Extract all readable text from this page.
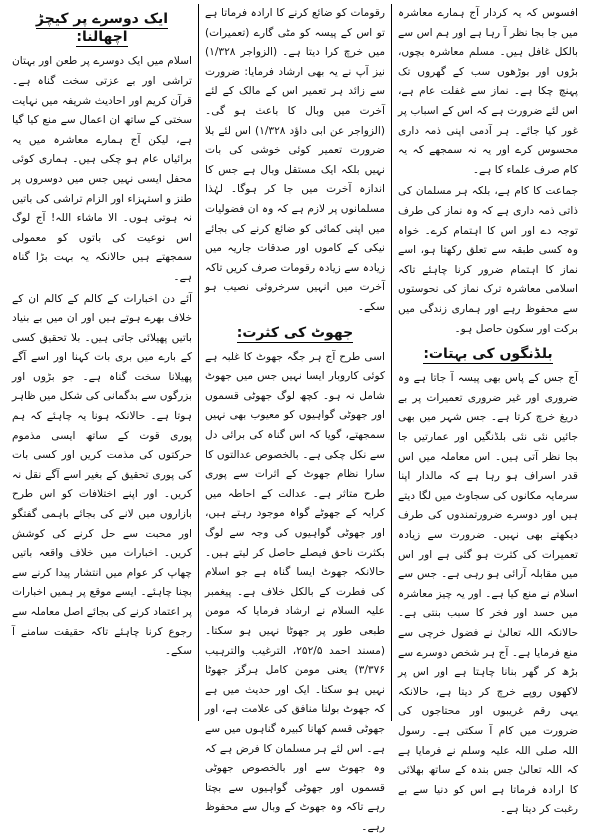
افسوس کہ یہ کردار آج ہمارے معاشرہ میں جا بجا نظر آ رہا ہے اور ہم اس سے بالکل غافل ہیں۔ مسلم معاشرہ بچوں، بڑوں اور بوڑھوں سب کے گھروں تک پہنچ چکا ہے۔ نماز سے غفلت عام ہے، اس لئے ضرورت ہے کہ اس کے اسباب پر غور کیا جائے۔ ہر آدمی اپنی ذمہ داری محسوس کرے اور یہ نہ سمجھے کہ یہ کام صرف علماء کا ہے۔

جماعت کا کام ہے، بلکہ ہر مسلمان کی ذاتی ذمہ داری ہے کہ وہ نماز کی طرف توجہ دے اور اس کا اہتمام کرے۔ خواہ وہ کسی طبقہ سے تعلق رکھتا ہو، اسے نماز کا اہتمام ضرور کرنا چاہئے تاکہ اسلامی معاشرہ ترک نماز کی نحوستوں سے محفوظ رہے اور ہماری زندگی میں برکت اور سکون حاصل ہو۔

بلڈنگوں کی بہتات:

آج جس کے پاس بھی پیسہ آ جاتا ہے وہ ضروری اور غیر ضروری تعمیرات پر بے دریغ خرچ کرتا ہے۔ جس شہر میں بھی جائیں نئی نئی بلڈنگیں اور عمارتیں جا بجا نظر آتی ہیں۔ اس معاملہ میں اس قدر اسراف ہو رہا ہے کہ مالدار اپنا سرمایہ مکانوں کی سجاوٹ میں لگا دیتے ہیں اور دوسرے ضرورتمندوں کی طرف دیکھتے بھی نہیں۔ ضرورت سے زیادہ تعمیرات کی کثرت ہو گئی ہے اور اس میں مقابلہ آرائی ہو رہی ہے۔ جس سے اسلام نے منع کیا ہے۔ اور یہ چیز معاشرہ میں حسد اور فخر کا سبب بنتی ہے۔ حالانکہ اللہ تعالیٰ نے فضول خرچی سے منع فرمایا ہے۔ آج ہر شخص دوسرے سے بڑھ کر گھر بنانا چاہتا ہے اور اس پر لاکھوں روپے خرچ کر دیتا ہے، حالانکہ یہی رقم غریبوں اور محتاجوں کی ضرورت میں کام آ سکتی ہے۔ رسول اللہ صلی اللہ علیہ وسلم نے فرمایا ہے کہ اللہ تعالیٰ جس بندہ کے ساتھ بھلائی کا ارادہ فرماتا ہے اس کو دنیا سے بے رغبت کر دیتا ہے۔

رقومات کو ضائع کرنے کا ارادہ فرماتا ہے تو اس کے پیسہ کو مٹی گارے (تعمیرات) میں خرچ کرا دیتا ہے۔ (الزواجر ۱/۳۲۸) نیز آپ نے یہ بھی ارشاد فرمایا: ضرورت سے زائد ہر تعمیر اس کے مالک کے لئے آخرت میں وبال کا باعث ہو گی۔ (الزواجر عن ابی داؤد ۱/۳۲۸) اس لئے بلا ضرورت تعمیر کوئی خوشی کی بات نہیں بلکہ ایک مستقل وبال ہے جس کا اندازہ آخرت میں جا کر ہوگا۔ لہٰذا مسلمانوں پر لازم ہے کہ وہ ان فضولیات میں اپنی کمائی کو ضائع کرنے کی بجائے نیکی کے کاموں اور صدقات جاریہ میں زیادہ سے زیادہ رقومات صرف کریں تاکہ آخرت میں انہیں سرخروئی نصیب ہو سکے۔

جھوٹ کی کثرت:

اسی طرح آج ہر جگہ جھوٹ کا غلبہ ہے کوئی کاروبار ایسا نہیں جس میں جھوٹ شامل نہ ہو۔ کچھ لوگ جھوٹی قسموں اور جھوٹی گواہیوں کو معیوب بھی نہیں سمجھتے، گویا کہ اس گناہ کی برائی دل سے نکل چکی ہے۔ بالخصوص عدالتوں کا سارا نظام جھوٹ کے اثرات سے پوری طرح متاثر ہے۔ عدالت کے احاطہ میں کرایہ کے جھوٹے گواہ موجود رہتے ہیں، اور جھوٹی گواہیوں کی وجہ سے لوگ بکثرت ناحق فیصلے حاصل کر لیتے ہیں۔ حالانکہ جھوٹ ایسا گناہ ہے جو اسلام کی فطرت کے بالکل خلاف ہے۔ پیغمبر علیہ السلام نے ارشاد فرمایا کہ مومن طبعی طور پر جھوٹا نہیں ہو سکتا۔ (مسند احمد ۲۵۲/۵، الترغیب والترہیب ۳/۳۷۶) یعنی مومن کامل ہرگز جھوٹا نہیں ہو سکتا۔ ایک اور حدیث میں ہے کہ جھوٹ بولنا منافق کی علامت ہے، اور جھوٹی قسم کھانا کبیرہ گناہوں میں سے ہے۔ اس لئے ہر مسلمان کا فرض ہے کہ وہ جھوٹ سے اور بالخصوص جھوٹی قسموں اور جھوٹی گواہیوں سے بچتا رہے تاکہ وہ جھوٹ کے وبال سے محفوظ رہے۔

ایک دوسرے پر کیچڑ اچھالنا:

اسلام میں ایک دوسرے پر طعن اور بہتان تراشی اور بے عزتی سخت گناہ ہے۔ قرآن کریم اور احادیث شریفہ میں نہایت سختی کے ساتھ ان اعمال سے منع کیا گیا ہے، لیکن آج ہمارے معاشرہ میں یہ برائیاں عام ہو چکی ہیں۔ ہماری کوئی محفل ایسی نہیں جس میں دوسروں پر طنز و استہزاء اور الزام تراشی کی باتیں نہ ہوتی ہوں۔ الا ماشاء اللہ! آج لوگ اس نوعیت کی باتوں کو معمولی سمجھتے ہیں حالانکہ یہ بہت بڑا گناہ ہے۔

آئے دن اخبارات کے کالم کے کالم ان کے خلاف بھرے ہوتے ہیں اور ان میں بے بنیاد باتیں پھیلائی جاتی ہیں۔ بلا تحقیق کسی کے بارے میں بری بات کہنا اور اسے آگے پھیلانا سخت گناہ ہے۔ جو بڑوں اور بزرگوں سے بدگمانی کی شکل میں ظاہر ہوتا ہے۔ حالانکہ ہونا یہ چاہئے کہ ہم پوری قوت کے ساتھ ایسی مذموم حرکتوں کی مذمت کریں اور کسی بات کی پوری تحقیق کے بغیر اسے آگے نقل نہ کریں۔ اور اپنے اختلافات کو اس طرح بازاروں میں لانے کی بجائے باہمی گفتگو اور محبت سے حل کرنے کی کوشش کریں۔ اخبارات میں خلاف واقعہ باتیں چھاپ کر عوام میں انتشار پیدا کرنے سے بچنا چاہئے۔ ایسے موقع پر ہمیں اخبارات پر اعتماد کرنے کی بجائے اصل معاملہ سے رجوع کرنا چاہئے تاکہ حقیقت سامنے آ سکے۔
